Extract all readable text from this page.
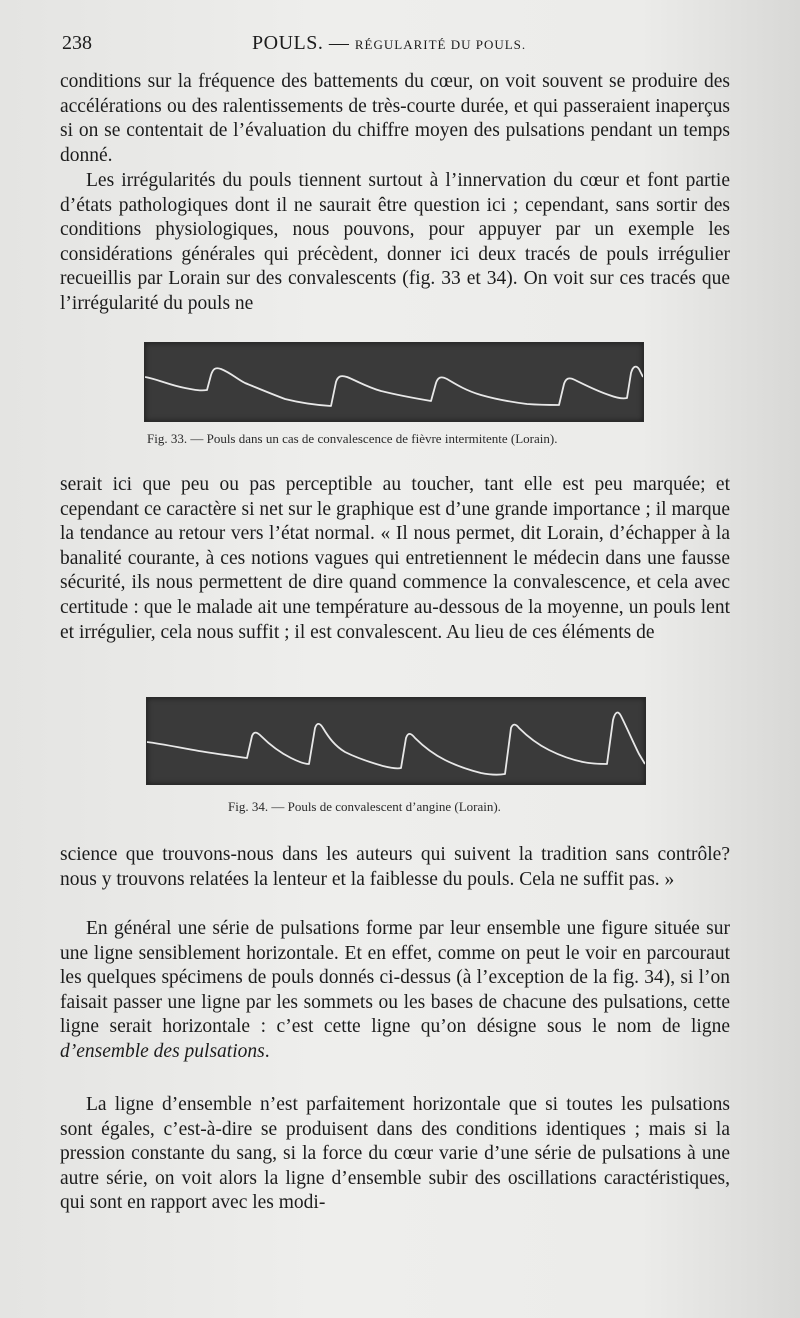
238	POULS. — RÉGULARITÉ DU POULS.

conditions sur la fréquence des battements du cœur, on voit souvent se produire des accélérations ou des ralentissements de très-courte durée, et qui passeraient inaperçus si on se contentait de l’évaluation du chiffre moyen des pulsations pendant un temps donné.

Les irrégularités du pouls tiennent surtout à l’innervation du cœur et font partie d’états pathologiques dont il ne saurait être question ici ; cependant, sans sortir des conditions physiologiques, nous pouvons, pour appuyer par un exemple les considérations générales qui précèdent, donner ici deux tracés de pouls irrégulier recueillis par Lorain sur des convalescents (fig. 33 et 34). On voit sur ces tracés que l’irrégularité du pouls ne

Fig. 33. — Pouls dans un cas de convalescence de fièvre intermitente (Lorain).

serait ici que peu ou pas perceptible au toucher, tant elle est peu marquée; et cependant ce caractère si net sur le graphique est d’une grande importance ; il marque la tendance au retour vers l’état normal. « Il nous permet, dit Lorain, d’échapper à la banalité courante, à ces notions vagues qui entretiennent le médecin dans une fausse sécurité, ils nous permettent de dire quand commence la convalescence, et cela avec certitude : que le malade ait une température au-dessous de la moyenne, un pouls lent et irrégulier, cela nous suffit ; il est convalescent. Au lieu de ces éléments de

Fig. 34. — Pouls de convalescent d’angine (Lorain).

science que trouvons-nous dans les auteurs qui suivent la tradition sans contrôle? nous y trouvons relatées la lenteur et la faiblesse du pouls. Cela ne suffit pas. »

En général une série de pulsations forme par leur ensemble une figure située sur une ligne sensiblement horizontale. Et en effet, comme on peut le voir en parcouraut les quelques spécimens de pouls donnés ci-dessus (à l’exception de la fig. 34), si l’on faisait passer une ligne par les sommets ou les bases de chacune des pulsations, cette ligne serait horizontale : c’est cette ligne qu’on désigne sous le nom de ligne d’ensemble des pulsations.

La ligne d’ensemble n’est parfaitement horizontale que si toutes les pulsations sont égales, c’est-à-dire se produisent dans des conditions identiques ; mais si la pression constante du sang, si la force du cœur varie d’une série de pulsations à une autre série, on voit alors la ligne d’ensemble subir des oscillations caractéristiques, qui sont en rapport avec les modi-
